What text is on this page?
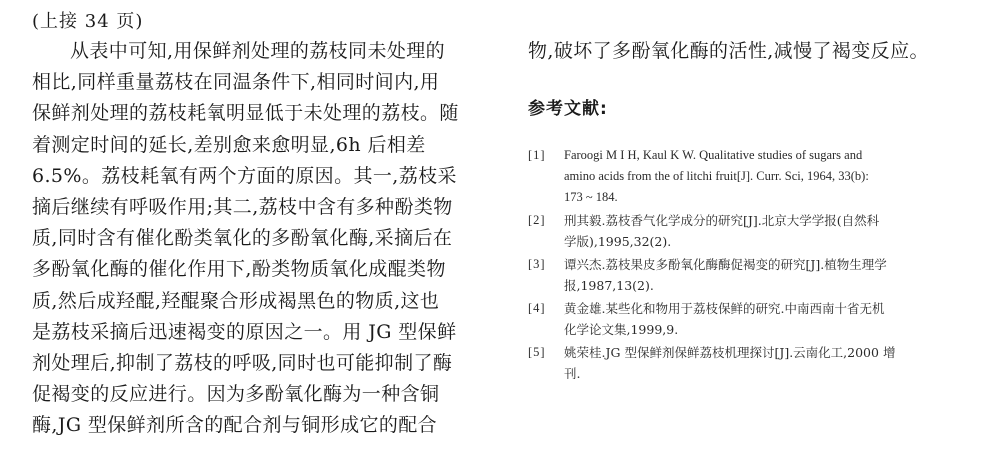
(上接 34 页)
从表中可知,用保鲜剂处理的荔枝同未处理的
相比,同样重量荔枝在同温条件下,相同时间内,用
保鲜剂处理的荔枝耗氧明显低于未处理的荔枝。随
着测定时间的延长,差别愈来愈明显,6h 后相差
6.5%。荔枝耗氧有两个方面的原因。其一,荔枝采
摘后继续有呼吸作用;其二,荔枝中含有多种酚类物
质,同时含有催化酚类氧化的多酚氧化酶,采摘后在
多酚氧化酶的催化作用下,酚类物质氧化成醌类物
质,然后成羟醌,羟醌聚合形成褐黑色的物质,这也
是荔枝采摘后迅速褐变的原因之一。用 JG 型保鲜
剂处理后,抑制了荔枝的呼吸,同时也可能抑制了酶
促褐变的反应进行。因为多酚氧化酶为一种含铜
酶,JG 型保鲜剂所含的配合剂与铜形成它的配合
物,破坏了多酚氧化酶的活性,减慢了褐变反应。
参考文献:
[1]	Faroogi M I H, Kaul K W. Qualitative studies of sugars and
amino acids from the of litchi fruit[J]. Curr. Sci, 1964, 33(b):
173 ~ 184.
[2]	刑其毅.荔枝香气化学成分的研究[J].北京大学学报(自然科
学版),1995,32(2).
[3]	谭兴杰.荔枝果皮多酚氧化酶酶促褐变的研究[J].植物生理学
报,1987,13(2).
[4]	黄金雄.某些化和物用于荔枝保鲜的研究.中南西南十省无机
化学论文集,1999,9.
[5]	姚荣桂.JG 型保鲜剂保鲜荔枝机理探讨[J].云南化工,2000 增
刊.
